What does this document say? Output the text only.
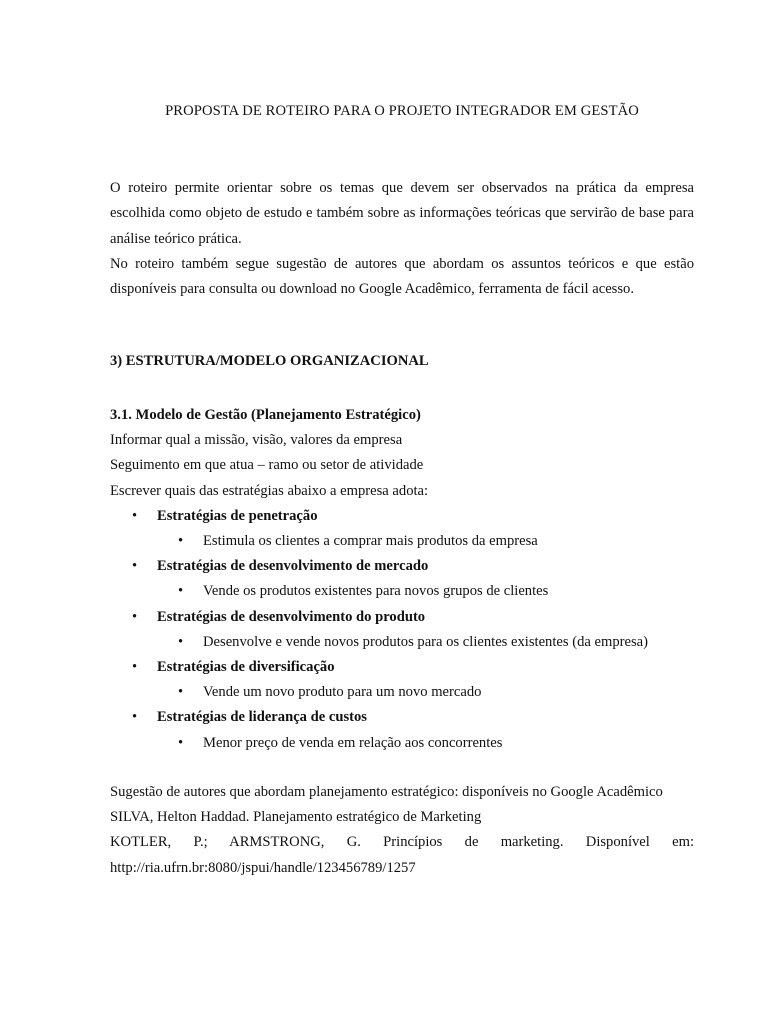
PROPOSTA DE ROTEIRO PARA O PROJETO INTEGRADOR EM GESTÃO

O roteiro permite orientar sobre os temas que devem ser observados na prática da empresa escolhida como objeto de estudo e também sobre as informações teóricas que servirão de base para análise teórico prática.

No roteiro também segue sugestão de autores que abordam os assuntos teóricos e que estão disponíveis para consulta ou download no Google Acadêmico, ferramenta de fácil acesso.

3) ESTRUTURA/MODELO ORGANIZACIONAL

3.1. Modelo de Gestão (Planejamento Estratégico)

Informar qual a missão, visão, valores da empresa

Seguimento em que atua – ramo ou setor de atividade

Escrever quais das estratégias abaixo a empresa adota:

• Estratégias de penetração
• Estimula os clientes a comprar mais produtos da empresa
• Estratégias de desenvolvimento de mercado
• Vende os produtos existentes para novos grupos de clientes
• Estratégias de desenvolvimento do produto
• Desenvolve e vende novos produtos para os clientes existentes (da empresa)
• Estratégias de diversificação
• Vende um novo produto para um novo mercado
• Estratégias de liderança de custos
• Menor preço de venda em relação aos concorrentes

Sugestão de autores que abordam planejamento estratégico: disponíveis no Google Acadêmico

SILVA, Helton Haddad. Planejamento estratégico de Marketing

KOTLER, P.; ARMSTRONG, G. Princípios de marketing. Disponível em: http://ria.ufrn.br:8080/jspui/handle/123456789/1257
